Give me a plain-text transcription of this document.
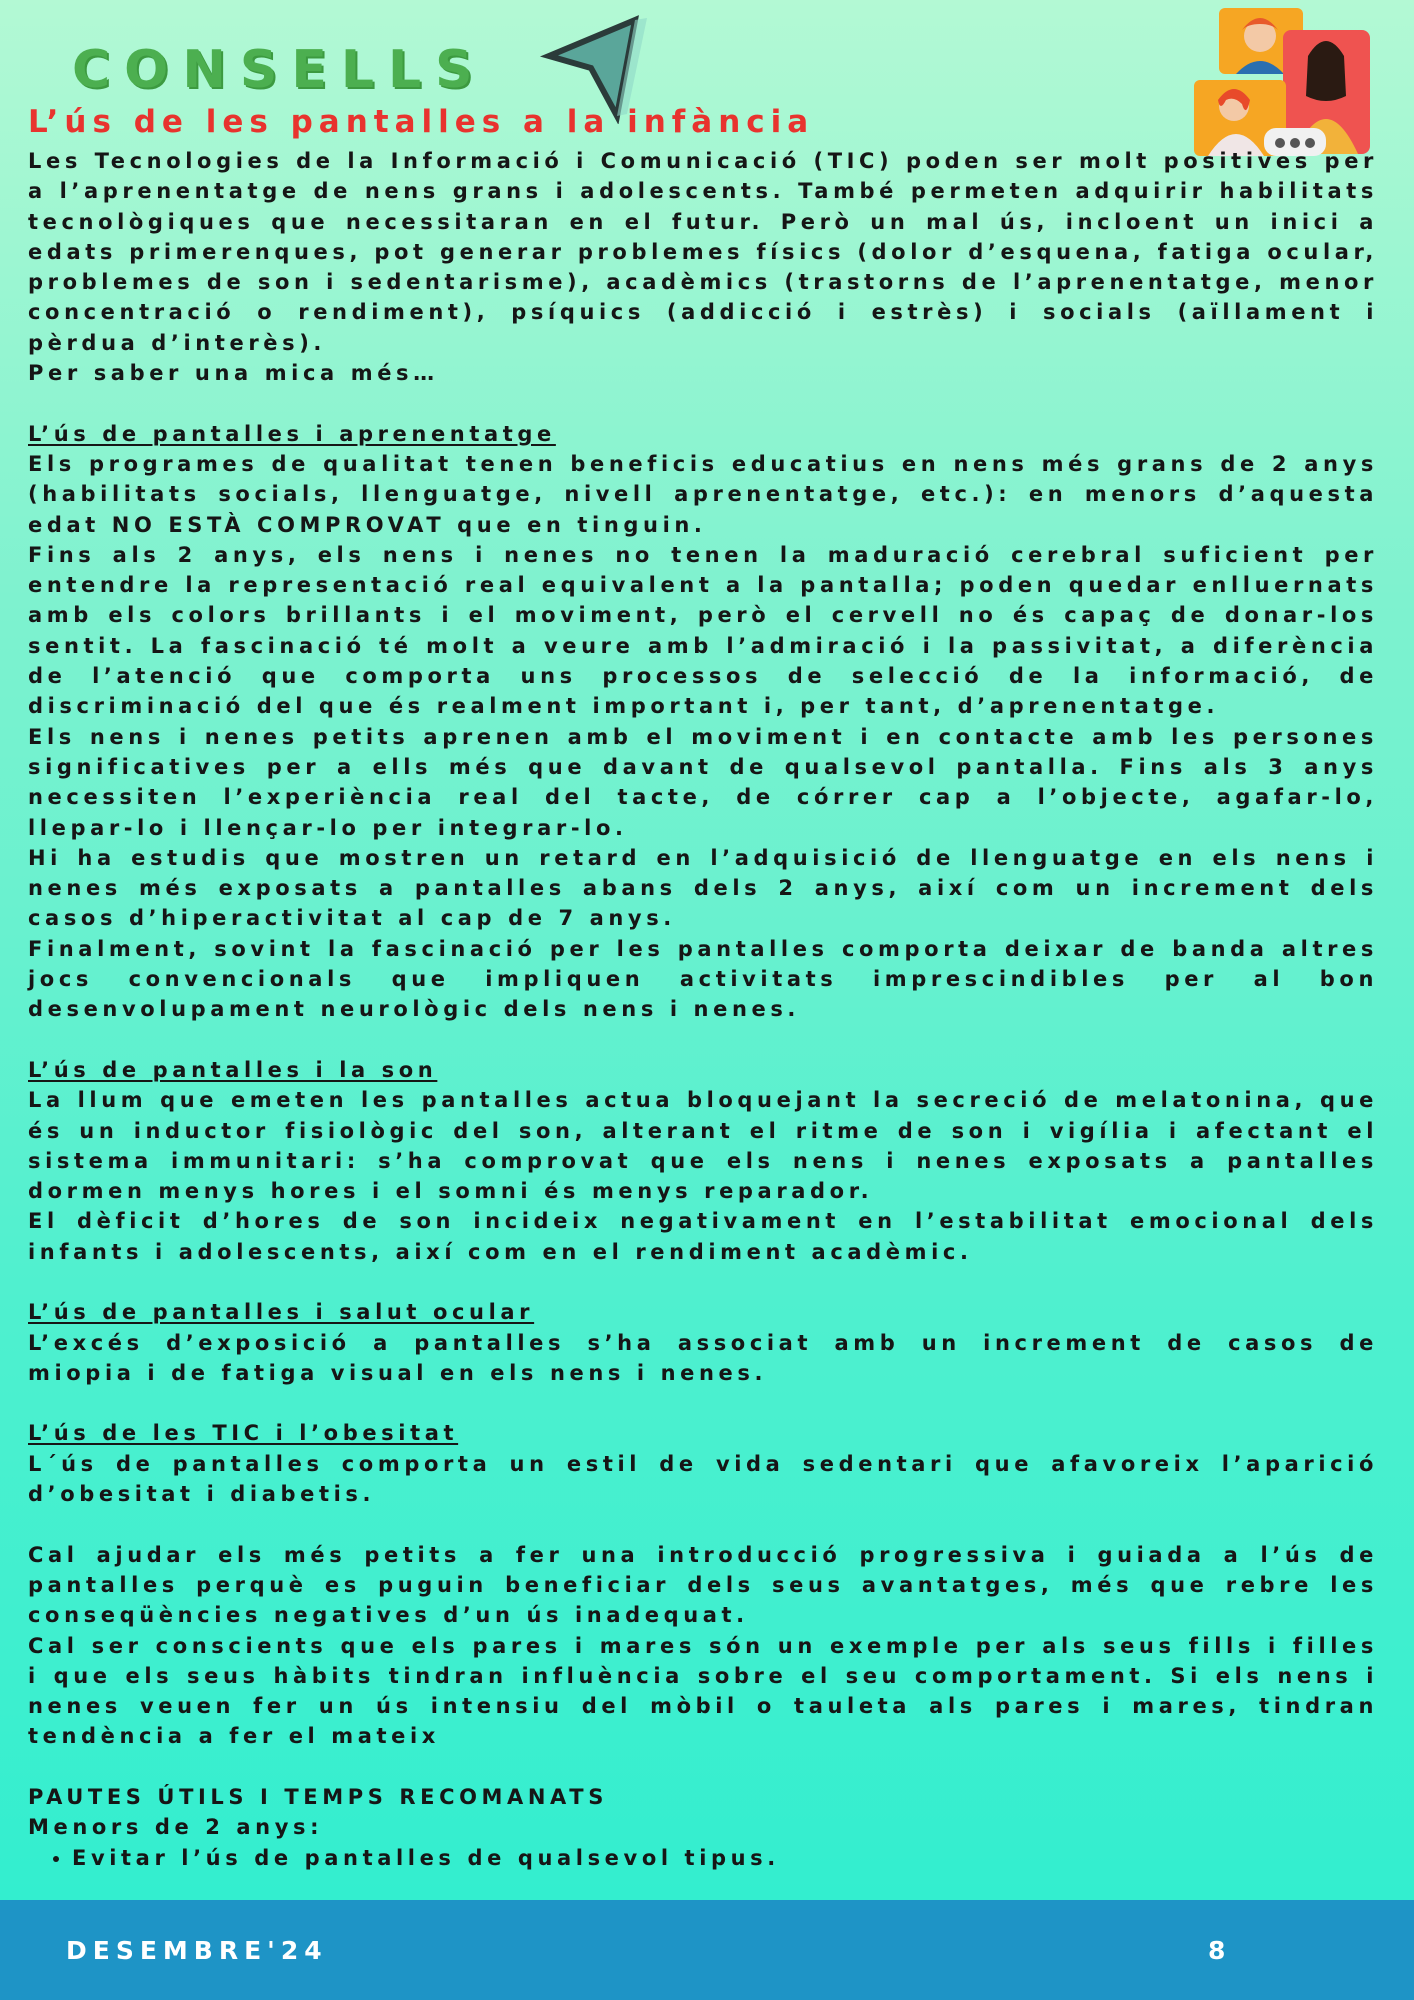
CONSELLS
L’ús de les pantalles a la infància

Les Tecnologies de la Informació i Comunicació (TIC) poden ser molt positives per a l’aprenentatge de nens grans i adolescents. També permeten adquirir habilitats tecnològiques que necessitaran en el futur. Però un mal ús, incloent un inici a edats primerenques, pot generar problemes físics (dolor d’esquena, fatiga ocular, problemes de son i sedentarisme), acadèmics (trastorns de l’aprenentatge, menor concentració o rendiment), psíquics (addicció i estrès) i socials (aïllament i pèrdua d’interès).

Per saber una mica més…

L’ús de pantalles i aprenentatge

Els programes de qualitat tenen beneficis educatius en nens més grans de 2 anys (habilitats socials, llenguatge, nivell aprenentatge, etc.): en menors d’aquesta edat NO ESTÀ COMPROVAT que en tinguin.

Fins als 2 anys, els nens i nenes no tenen la maduració cerebral suficient per entendre la representació real equivalent a la pantalla; poden quedar enlluernats amb els colors brillants i el moviment, però el cervell no és capaç de donar-los sentit. La fascinació té molt a veure amb l’admiració i la passivitat, a diferència de l’atenció que comporta uns processos de selecció de la informació, de discriminació del que és realment important i, per tant, d’aprenentatge.

Els nens i nenes petits aprenen amb el moviment i en contacte amb les persones significatives per a ells més que davant de qualsevol pantalla. Fins als 3 anys necessiten l’experiència real del tacte, de córrer cap a l’objecte, agafar-lo, llepar-lo i llençar-lo per integrar-lo.

Hi ha estudis que mostren un retard en l’adquisició de llenguatge en els nens i nenes més exposats a pantalles abans dels 2 anys, així com un increment dels casos d’hiperactivitat al cap de 7 anys.

Finalment, sovint la fascinació per les pantalles comporta deixar de banda altres jocs convencionals que impliquen activitats imprescindibles per al bon desenvolupament neurològic dels nens i nenes.

L’ús de pantalles i la son

La llum que emeten les pantalles actua bloquejant la secreció de melatonina, que és un inductor fisiològic del son, alterant el ritme de son i vigília i afectant el sistema immunitari: s’ha comprovat que els nens i nenes exposats a pantalles dormen menys hores i el somni és menys reparador.

El dèficit d’hores de son incideix negativament en l’estabilitat emocional dels infants i adolescents, així com en el rendiment acadèmic.

L’ús de pantalles i salut ocular

L’excés d’exposició a pantalles s’ha associat amb un increment de casos de miopia i de fatiga visual en els nens i nenes.

L’ús de les TIC i l’obesitat

L´ús de pantalles comporta un estil de vida sedentari que afavoreix l’aparició d’obesitat i diabetis.

Cal ajudar els més petits a fer una introducció progressiva i guiada a l’ús de pantalles perquè es puguin beneficiar dels seus avantatges, més que rebre les conseqüències negatives d’un ús inadequat.

Cal ser conscients que els pares i mares són un exemple per als seus fills i filles i que els seus hàbits tindran influència sobre el seu comportament. Si els nens i nenes veuen fer un ús intensiu del mòbil o tauleta als pares i mares, tindran tendència a fer el mateix

PAUTES ÚTILS I TEMPS RECOMANATS

Menors de 2 anys:

• Evitar l’ús de pantalles de qualsevol tipus.
DESEMBRE'24	8
